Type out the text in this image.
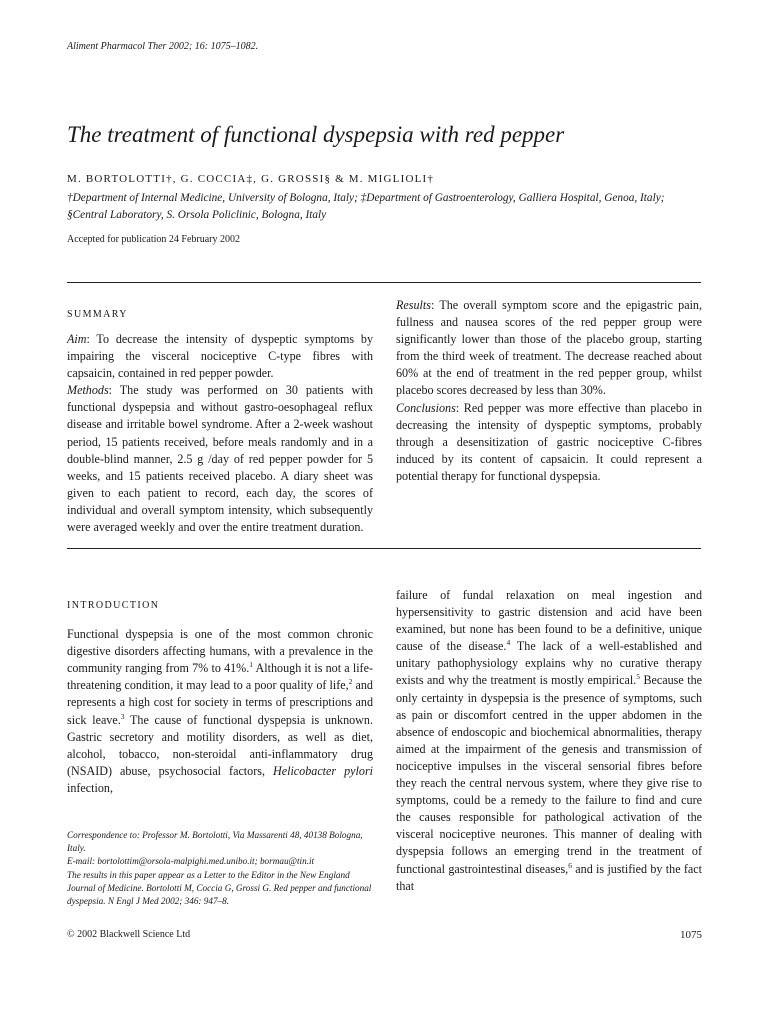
Aliment Pharmacol Ther 2002; 16: 1075–1082.
The treatment of functional dyspepsia with red pepper
M. BORTOLOTTI†, G. COCCIA‡, G. GROSSI§ & M. MIGLIOLI†
†Department of Internal Medicine, University of Bologna, Italy; ‡Department of Gastroenterology, Galliera Hospital, Genoa, Italy; §Central Laboratory, S. Orsola Policlinic, Bologna, Italy
Accepted for publication 24 February 2002
SUMMARY

Aim: To decrease the intensity of dyspeptic symptoms by impairing the visceral nociceptive C-type fibres with capsaicin, contained in red pepper powder.

Methods: The study was performed on 30 patients with functional dyspepsia and without gastro-oesophageal reflux disease and irritable bowel syndrome. After a 2-week washout period, 15 patients received, before meals randomly and in a double-blind manner, 2.5 g /day of red pepper powder for 5 weeks, and 15 patients received placebo. A diary sheet was given to each patient to record, each day, the scores of individual and overall symptom intensity, which subsequently were averaged weekly and over the entire treatment duration.

INTRODUCTION

Functional dyspepsia is one of the most common chronic digestive disorders affecting humans, with a prevalence in the community ranging from 7% to 41%.$^1$ Although it is not a life-threatening condition, it may lead to a poor quality of life,$^2$ and represents a high cost for society in terms of prescriptions and sick leave.$^3$ The cause of functional dyspepsia is unknown. Gastric secretory and motility disorders, as well as diet, alcohol, tobacco, non-steroidal anti-inflammatory drug (NSAID) abuse, psychosocial factors, Helicobacter pylori infection,

Results: The overall symptom score and the epigastric pain, fullness and nausea scores of the red pepper group were significantly lower than those of the placebo group, starting from the third week of treatment. The decrease reached about 60% at the end of treatment in the red pepper group, whilst placebo scores decreased by less than 30%.

Conclusions: Red pepper was more effective than placebo in decreasing the intensity of dyspeptic symptoms, probably through a desensitization of gastric nociceptive C-fibres induced by its content of capsaicin. It could represent a potential therapy for functional dyspepsia.

failure of fundal relaxation on meal ingestion and hypersensitivity to gastric distension and acid have been examined, but none has been found to be a definitive, unique cause of the disease.$^4$ The lack of a well-established and unitary pathophysiology explains why no curative therapy exists and why the treatment is mostly empirical.$^5$ Because the only certainty in dyspepsia is the presence of symptoms, such as pain or discomfort centred in the upper abdomen in the absence of endoscopic and biochemical abnormalities, therapy aimed at the impairment of the genesis and transmission of nociceptive impulses in the visceral sensorial fibres before they reach the central nervous system, where they give rise to symptoms, could be a remedy to the failure to find and cure the causes responsible for pathological activation of the visceral nociceptive neurones. This manner of dealing with dyspepsia follows an emerging trend in the treatment of functional gastrointestinal diseases,$^6$ and is justified by the fact that

Correspondence to: Professor M. Bortolotti, Via Massarenti 48, 40138 Bologna, Italy.
E-mail: bortolottim@orsola-malpighi.med.unibo.it; bormau@tin.it
The results in this paper appear as a Letter to the Editor in the New England Journal of Medicine. Bortolotti M, Coccia G, Grossi G. Red pepper and functional dyspepsia. N Engl J Med 2002; 346: 947–8.
© 2002 Blackwell Science Ltd	1075
